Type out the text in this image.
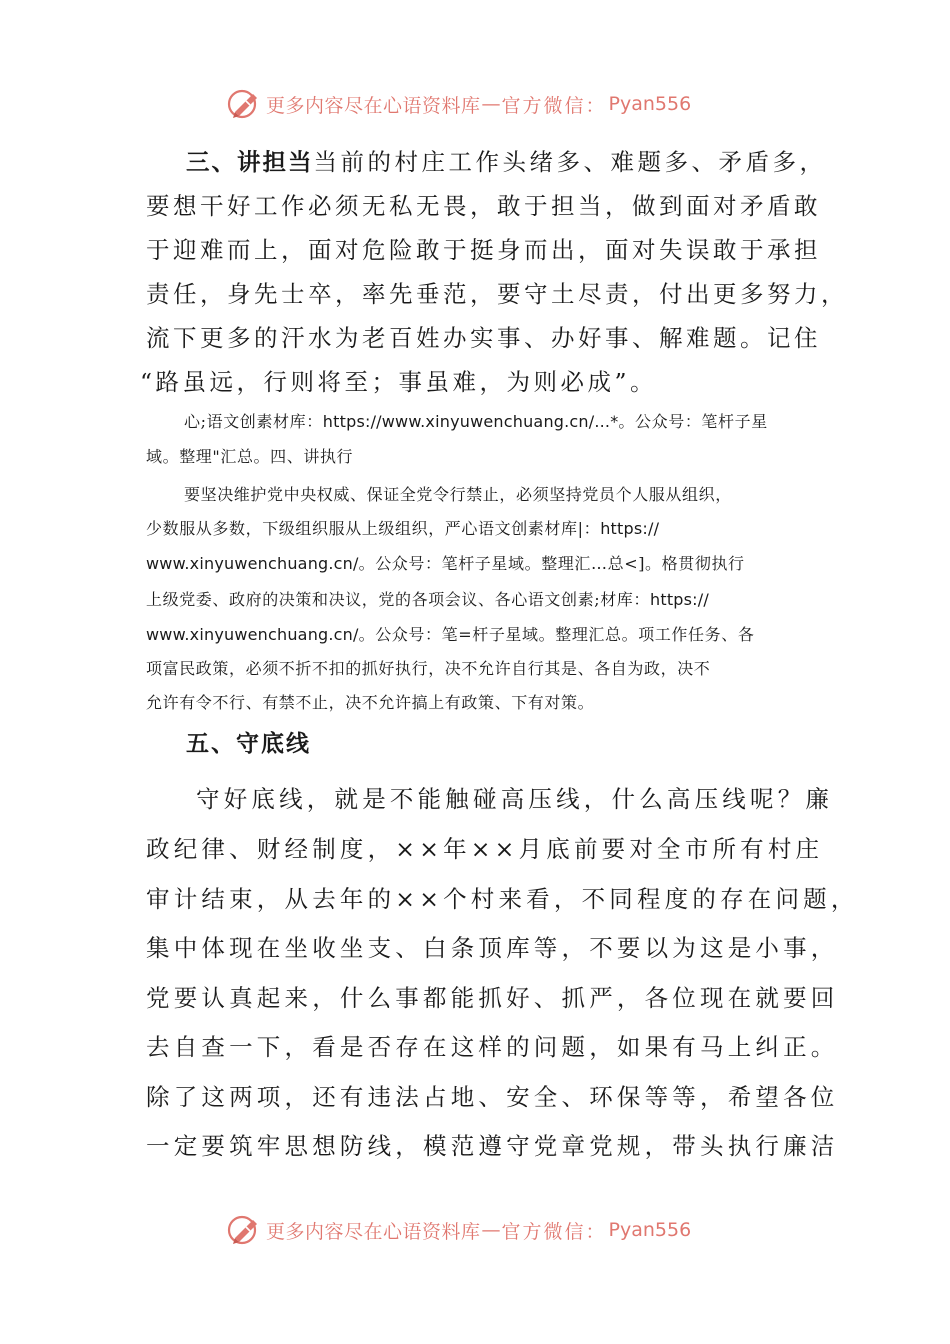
更多内容尽在心语资料库 — 官方微信： Pyan556
三、讲担当当前的村庄工作头绪多、难题多、矛盾多，
要想干好工作必须无私无畏，敢于担当，做到面对矛盾敢
于迎难而上，面对危险敢于挺身而出，面对失误敢于承担
责任，身先士卒，率先垂范，要守土尽责，付出更多努力，
流下更多的汗水为老百姓办实事、办好事、解难题。记住
“路虽远，行则将至；事虽难，为则必成”。
心;语文创素材库：https://www.xinyuwenchuang.cn/...*。公众号：笔杆子星
域。整理"汇总。四、讲执行
要坚决维护党中央权威、保证全党令行禁止，必须坚持党员个人服从组织，
少数服从多数，下级组织服从上级组织，严心语文创素材库|：https://
www.xinyuwenchuang.cn/。公众号：笔杆子星域。整理汇…总<]。格贯彻执行
上级党委、政府的决策和决议，党的各项会议、各心语文创素;材库：https://
www.xinyuwenchuang.cn/。公众号：笔=杆子星域。整理汇总。项工作任务、各
项富民政策，必须不折不扣的抓好执行，决不允许自行其是、各自为政，决不
允许有令不行、有禁不止，决不允许搞上有政策、下有对策。
五、守底线
守好底线，就是不能触碰高压线，什么高压线呢？廉
政纪律、财经制度，××年××月底前要对全市所有村庄
审计结束，从去年的××个村来看，不同程度的存在问题，
集中体现在坐收坐支、白条顶库等，不要以为这是小事，
党要认真起来，什么事都能抓好、抓严，各位现在就要回
去自查一下，看是否存在这样的问题，如果有马上纠正。
除了这两项，还有违法占地、安全、环保等等，希望各位
一定要筑牢思想防线，模范遵守党章党规，带头执行廉洁
更多内容尽在心语资料库 — 官方微信： Pyan556
